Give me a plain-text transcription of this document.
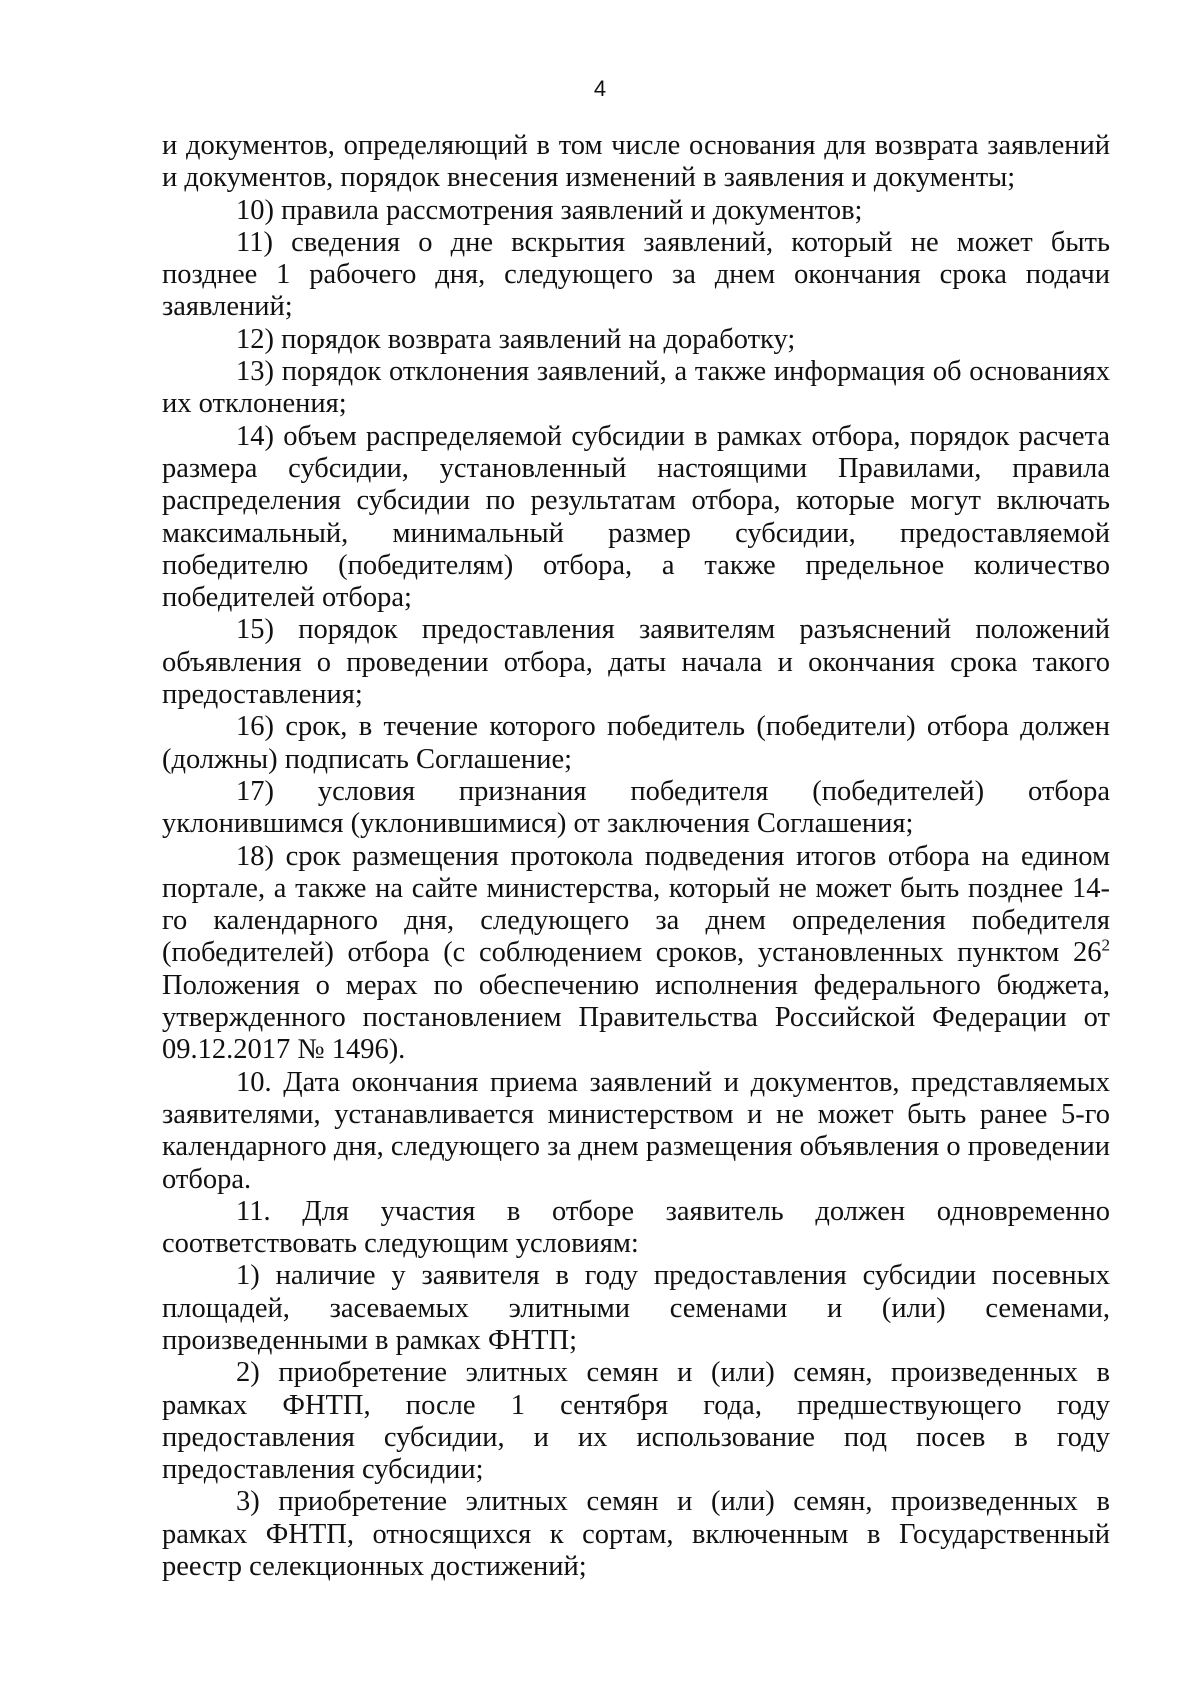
4

и документов, определяющий в том числе основания для возврата заявлений и документов, порядок внесения изменений в заявления и документы;

10) правила рассмотрения заявлений и документов;

11) сведения о дне вскрытия заявлений, который не может быть позднее 1 рабочего дня, следующего за днем окончания срока подачи заявлений;

12) порядок возврата заявлений на доработку;

13) порядок отклонения заявлений, а также информация об основаниях их отклонения;

14) объем распределяемой субсидии в рамках отбора, порядок расчета размера субсидии, установленный настоящими Правилами, правила распределения субсидии по результатам отбора, которые могут включать максимальный, минимальный размер субсидии, предоставляемой победителю (победителям) отбора, а также предельное количество победителей отбора;

15) порядок предоставления заявителям разъяснений положений объявления о проведении отбора, даты начала и окончания срока такого предоставления;

16) срок, в течение которого победитель (победители) отбора должен (должны) подписать Соглашение;

17) условия признания победителя (победителей) отбора уклонившимся (уклонившимися) от заключения Соглашения;

18) срок размещения протокола подведения итогов отбора на едином портале, а также на сайте министерства, который не может быть позднее 14-го календарного дня, следующего за днем определения победителя (победителей) отбора (с соблюдением сроков, установленных пунктом $26^2$ Положения о мерах по обеспечению исполнения федерального бюджета, утвержденного постановлением Правительства Российской Федерации от 09.12.2017 № 1496).

10. Дата окончания приема заявлений и документов, представляемых заявителями, устанавливается министерством и не может быть ранее 5-го календарного дня, следующего за днем размещения объявления о проведении отбора.

11. Для участия в отборе заявитель должен одновременно соответствовать следующим условиям:

1) наличие у заявителя в году предоставления субсидии посевных площадей, засеваемых элитными семенами и (или) семенами, произведенными в рамках ФНТП;

2) приобретение элитных семян и (или) семян, произведенных в рамках ФНТП, после 1 сентября года, предшествующего году предоставления субсидии, и их использование под посев в году предоставления субсидии;

3) приобретение элитных семян и (или) семян, произведенных в рамках ФНТП, относящихся к сортам, включенным в Государственный реестр селекционных достижений;
